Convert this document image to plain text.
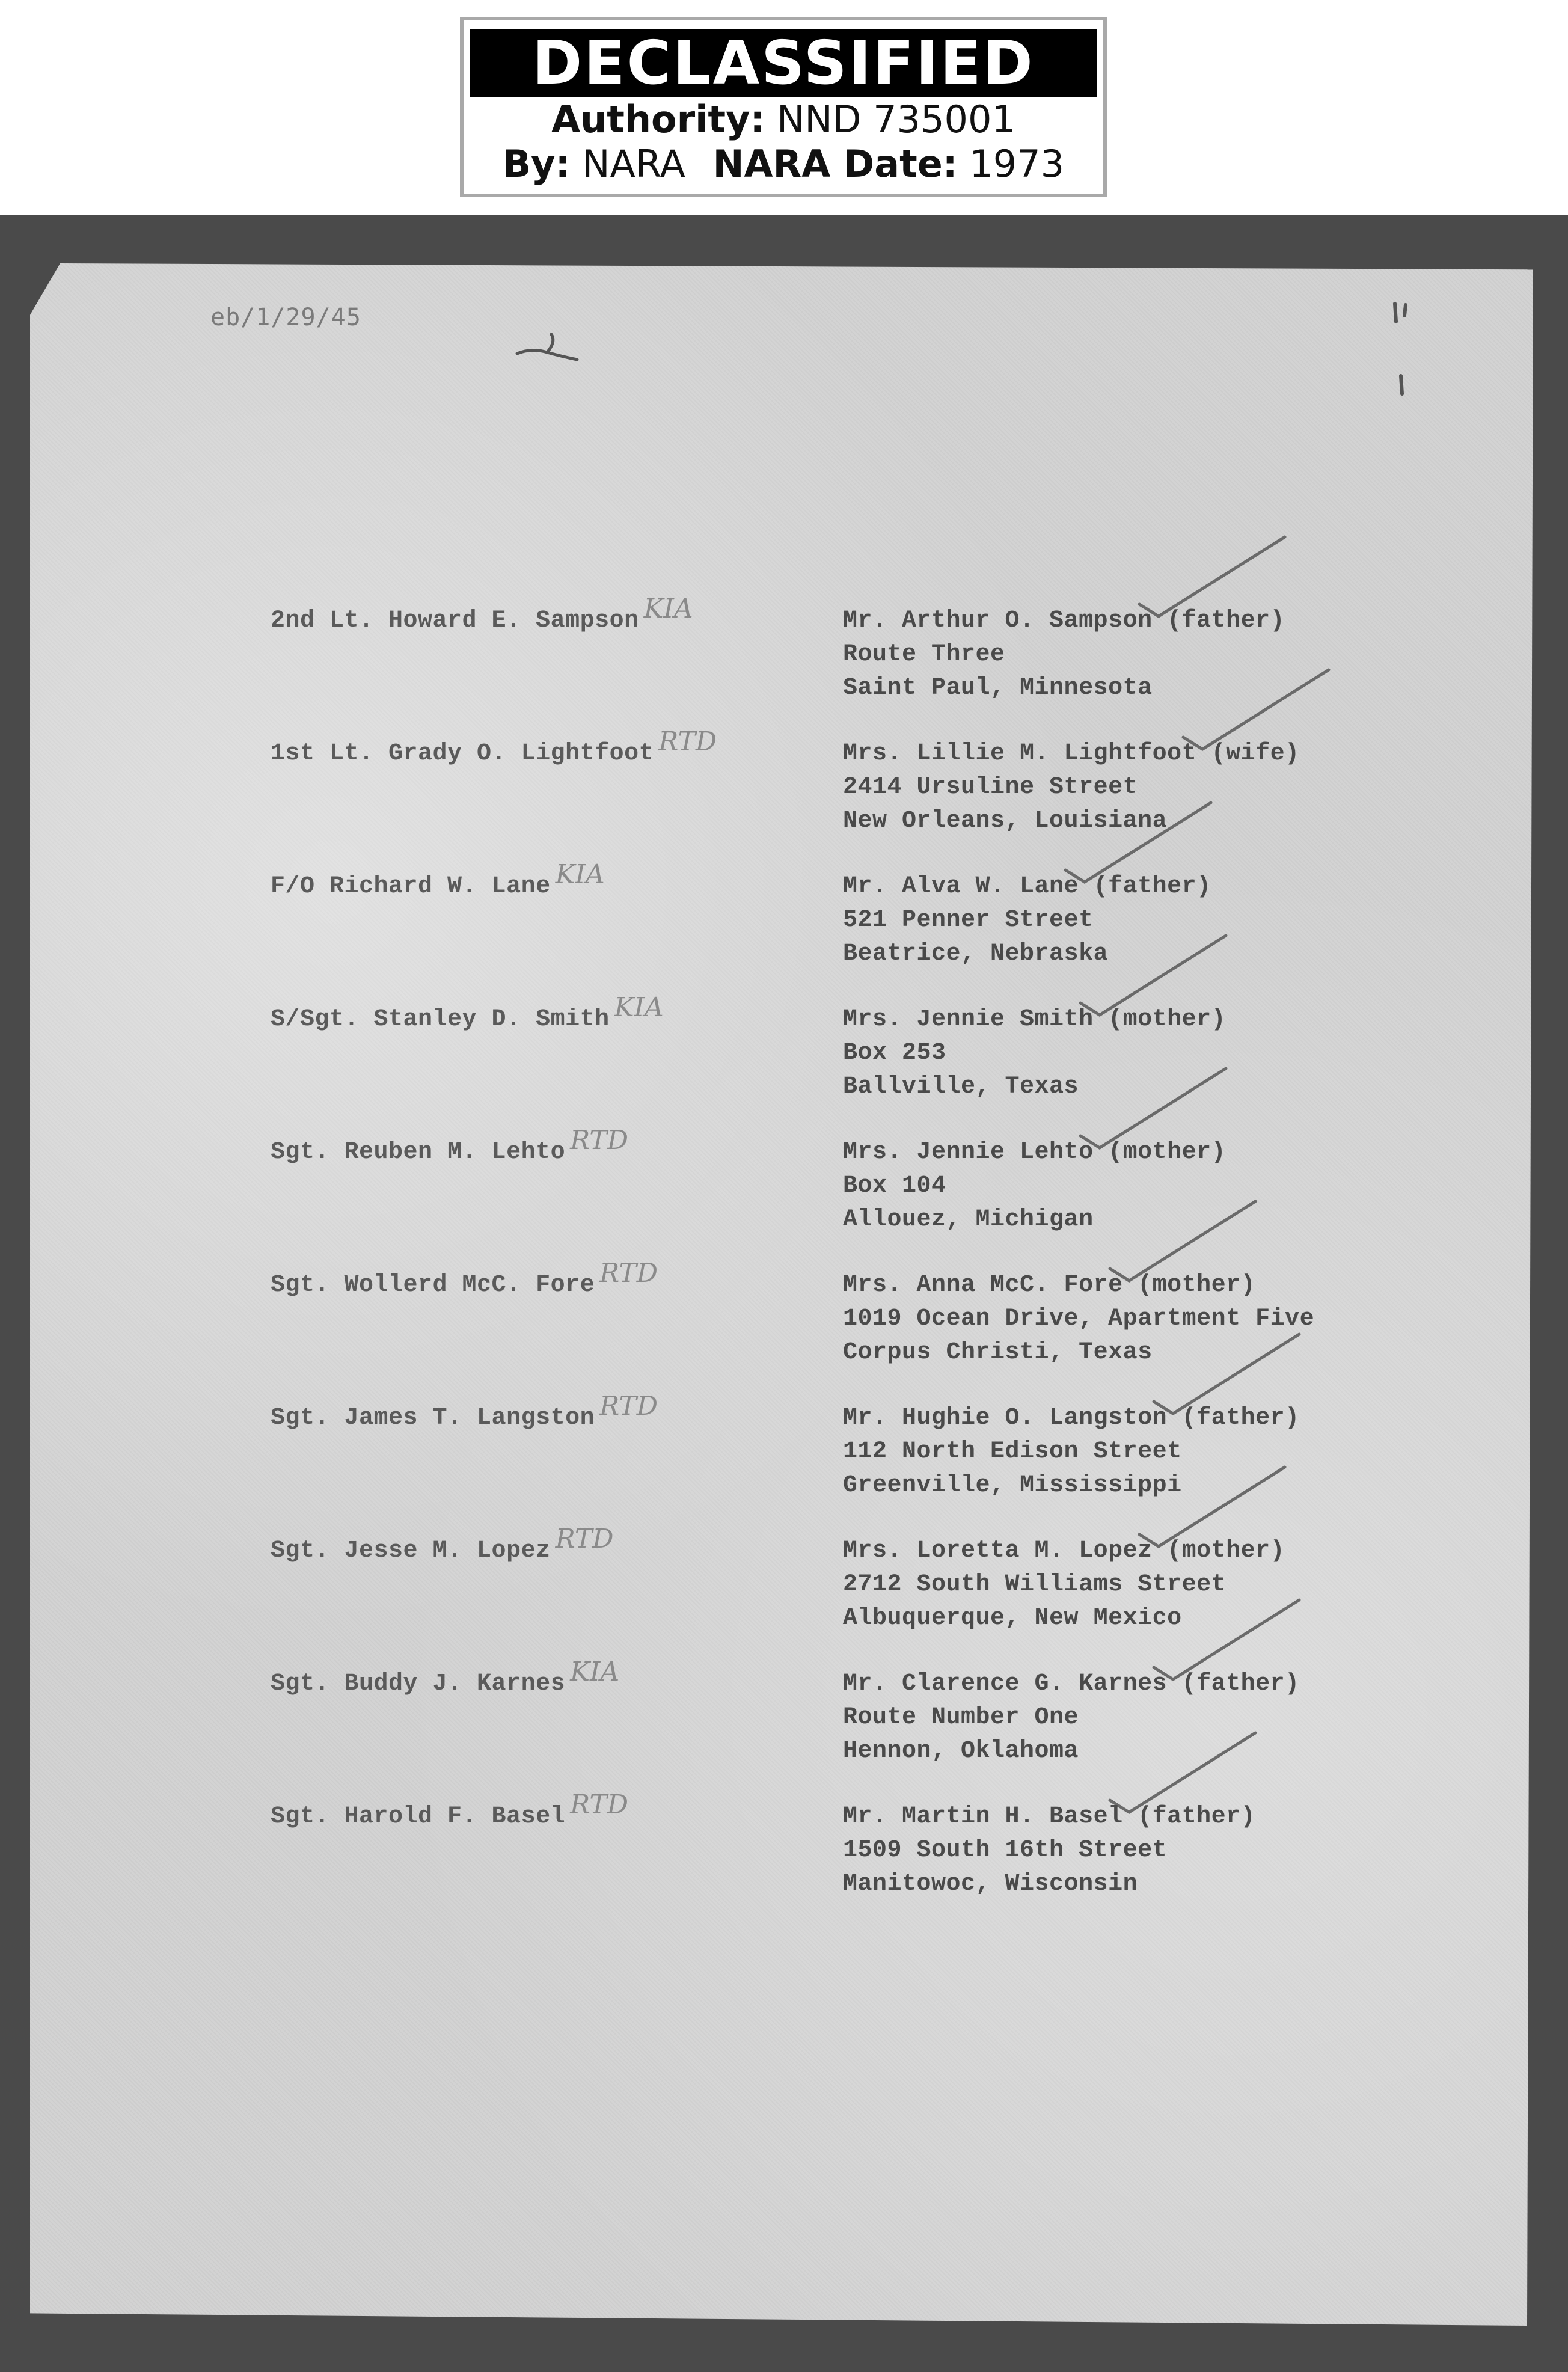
DECLASSIFIED
Authority: NND 735001
By: NARA NARA Date: 1973
eb/1/29/45
2nd Lt. Howard E. Sampson KIA	Mr. Arthur O. Sampson (father)
Route Three
Saint Paul, Minnesota
1st Lt. Grady O. Lightfoot RTD	Mrs. Lillie M. Lightfoot (wife)
2414 Ursuline Street
New Orleans, Louisiana
F/O Richard W. Lane KIA	Mr. Alva W. Lane (father)
521 Penner Street
Beatrice, Nebraska
S/Sgt. Stanley D. Smith KIA	Mrs. Jennie Smith (mother)
Box 253
Ballville, Texas
Sgt. Reuben M. Lehto RTD	Mrs. Jennie Lehto (mother)
Box 104
Allouez, Michigan
Sgt. Wollerd McC. Fore RTD	Mrs. Anna McC. Fore (mother)
1019 Ocean Drive, Apartment Five
Corpus Christi, Texas
Sgt. James T. Langston RTD	Mr. Hughie O. Langston (father)
112 North Edison Street
Greenville, Mississippi
Sgt. Jesse M. Lopez RTD	Mrs. Loretta M. Lopez (mother)
2712 South Williams Street
Albuquerque, New Mexico
Sgt. Buddy J. Karnes KIA	Mr. Clarence G. Karnes (father)
Route Number One
Hennon, Oklahoma
Sgt. Harold F. Basel RTD	Mr. Martin H. Basel (father)
1509 South 16th Street
Manitowoc, Wisconsin
